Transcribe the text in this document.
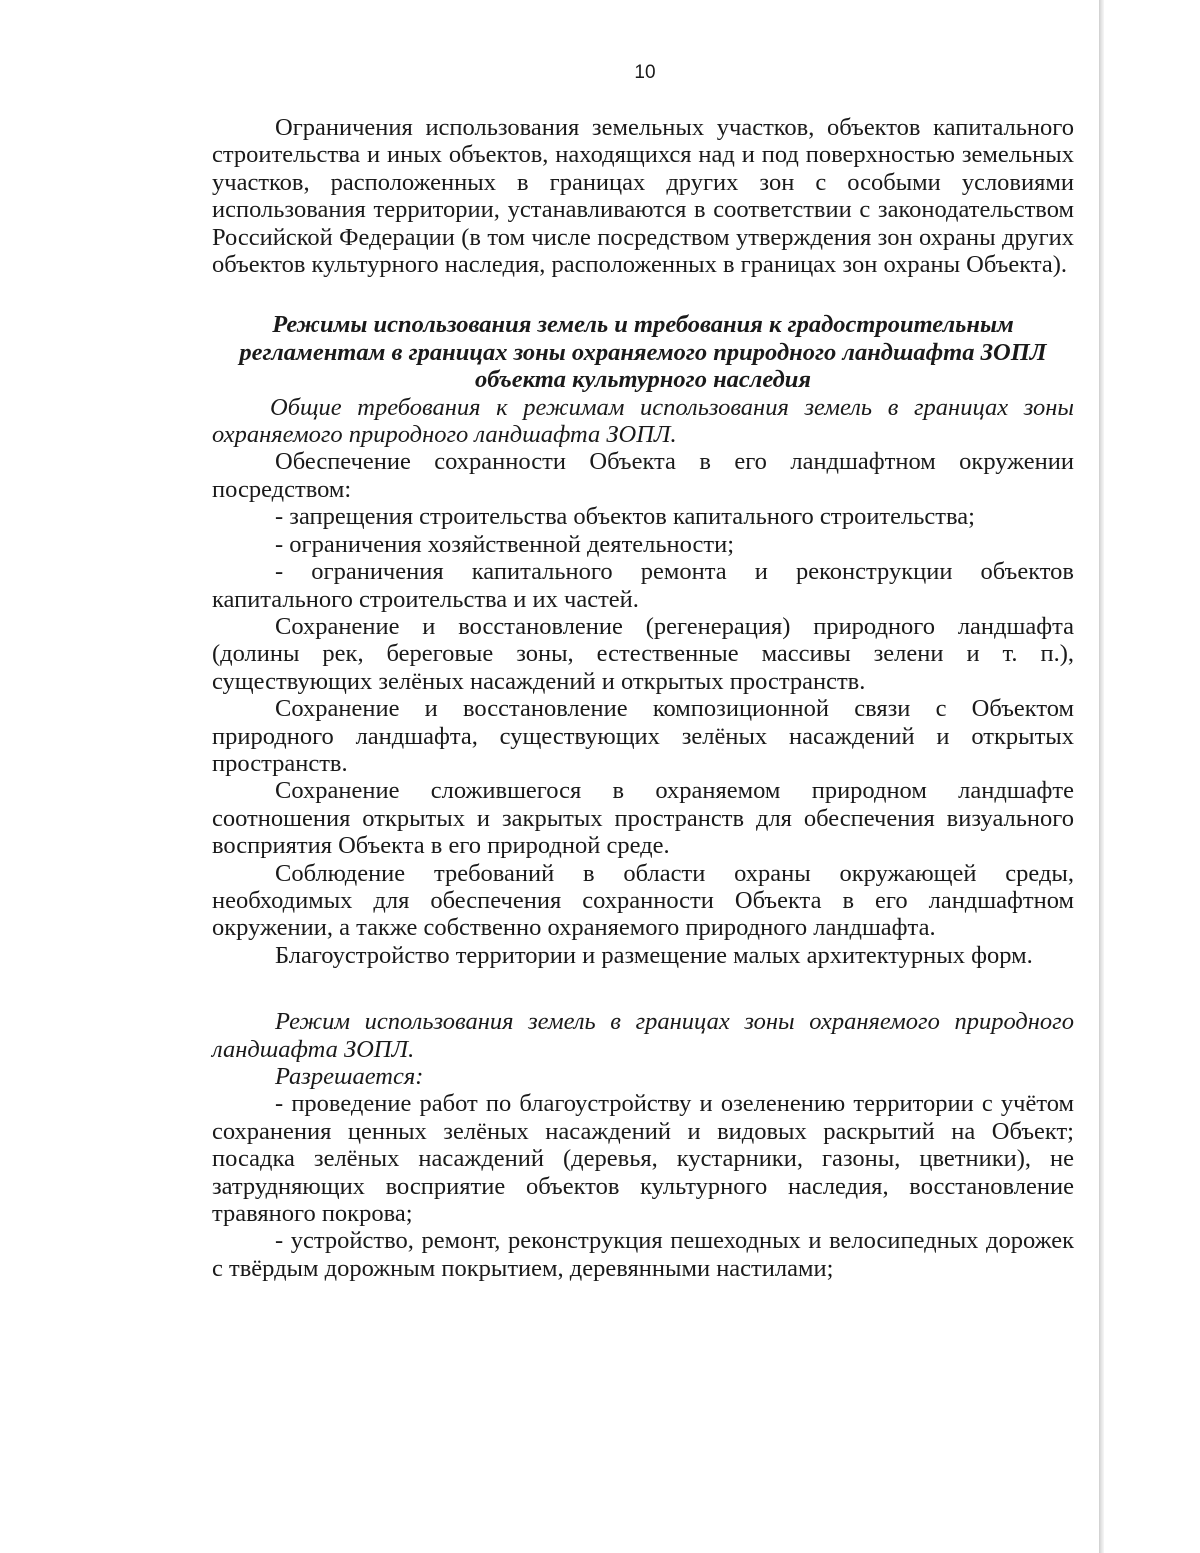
10

Ограничения использования земельных участков, объектов капитального строительства и иных объектов, находящихся над и под поверхностью земельных участков, расположенных в границах других зон с особыми условиями использования территории, устанавливаются в соответствии с законодательством Российской Федерации (в том числе посредством утверждения зон охраны других объектов культурного наследия, расположенных в границах зон охраны Объекта).

Режимы использования земель и требования к градостроительным регламентам в границах зоны охраняемого природного ландшафта ЗОПЛ объекта культурного наследия

Общие требования к режимам использования земель в границах зоны охраняемого природного ландшафта ЗОПЛ.

Обеспечение сохранности Объекта в его ландшафтном окружении посредством:

- запрещения строительства объектов капитального строительства;

- ограничения хозяйственной деятельности;

- ограничения капитального ремонта и реконструкции объектов капитального строительства и их частей.

Сохранение и восстановление (регенерация) природного ландшафта (долины рек, береговые зоны, естественные массивы зелени и т. п.), существующих зелёных насаждений и открытых пространств.

Сохранение и восстановление композиционной связи с Объектом природного ландшафта, существующих зелёных насаждений и открытых пространств.

Сохранение сложившегося в охраняемом природном ландшафте соотношения открытых и закрытых пространств для обеспечения визуального восприятия Объекта в его природной среде.

Соблюдение требований в области охраны окружающей среды, необходимых для обеспечения сохранности Объекта в его ландшафтном окружении, а также собственно охраняемого природного ландшафта.

Благоустройство территории и размещение малых архитектурных форм.

Режим использования земель в границах зоны охраняемого природного ландшафта ЗОПЛ.

Разрешается:

- проведение работ по благоустройству и озеленению территории с учётом сохранения ценных зелёных насаждений и видовых раскрытий на Объект; посадка зелёных насаждений (деревья, кустарники, газоны, цветники), не затрудняющих восприятие объектов культурного наследия, восстановление травяного покрова;

- устройство, ремонт, реконструкция пешеходных и велосипедных дорожек с твёрдым дорожным покрытием, деревянными настилами;
